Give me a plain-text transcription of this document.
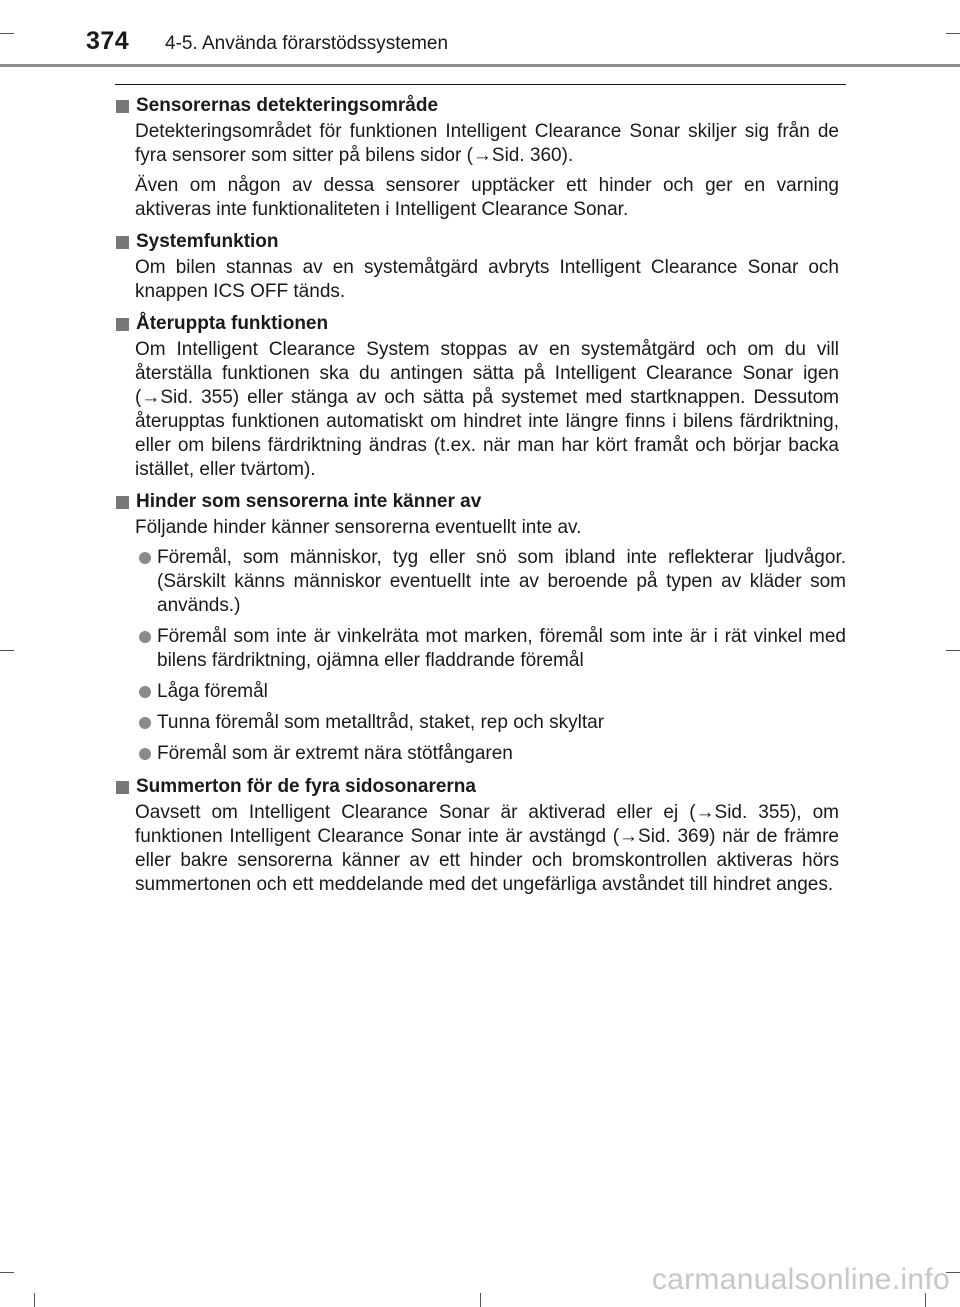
374 4-5. Använda förarstödssystemen
Sensorernas detekteringsområde

Detekteringsområdet för funktionen Intelligent Clearance Sonar skiljer sig från de fyra sensorer som sitter på bilens sidor (→Sid. 360).

Även om någon av dessa sensorer upptäcker ett hinder och ger en varning aktiveras inte funktionaliteten i Intelligent Clearance Sonar.

Systemfunktion

Om bilen stannas av en systemåtgärd avbryts Intelligent Clearance Sonar och knappen ICS OFF tänds.

Återuppta funktionen

Om Intelligent Clearance System stoppas av en systemåtgärd och om du vill återställa funktionen ska du antingen sätta på Intelligent Clearance Sonar igen (→Sid. 355) eller stänga av och sätta på systemet med startknappen. Dessutom återupptas funktionen automatiskt om hindret inte längre finns i bilens färdriktning, eller om bilens färdriktning ändras (t.ex. när man har kört framåt och börjar backa istället, eller tvärtom).

Hinder som sensorerna inte känner av

Följande hinder känner sensorerna eventuellt inte av.

Föremål, som människor, tyg eller snö som ibland inte reflekterar ljudvågor. (Särskilt känns människor eventuellt inte av beroende på typen av kläder som används.)
Föremål som inte är vinkelräta mot marken, föremål som inte är i rät vinkel med bilens färdriktning, ojämna eller fladdrande föremål
Låga föremål
Tunna föremål som metalltråd, staket, rep och skyltar
Föremål som är extremt nära stötfångaren
Summerton för de fyra sidosonarerna

Oavsett om Intelligent Clearance Sonar är aktiverad eller ej (→Sid. 355), om funktionen Intelligent Clearance Sonar inte är avstängd (→Sid. 369) när de främre eller bakre sensorerna känner av ett hinder och bromskontrollen aktiveras hörs summertonen och ett meddelande med det ungefärliga avståndet till hindret anges.

carmanualsonline.info
